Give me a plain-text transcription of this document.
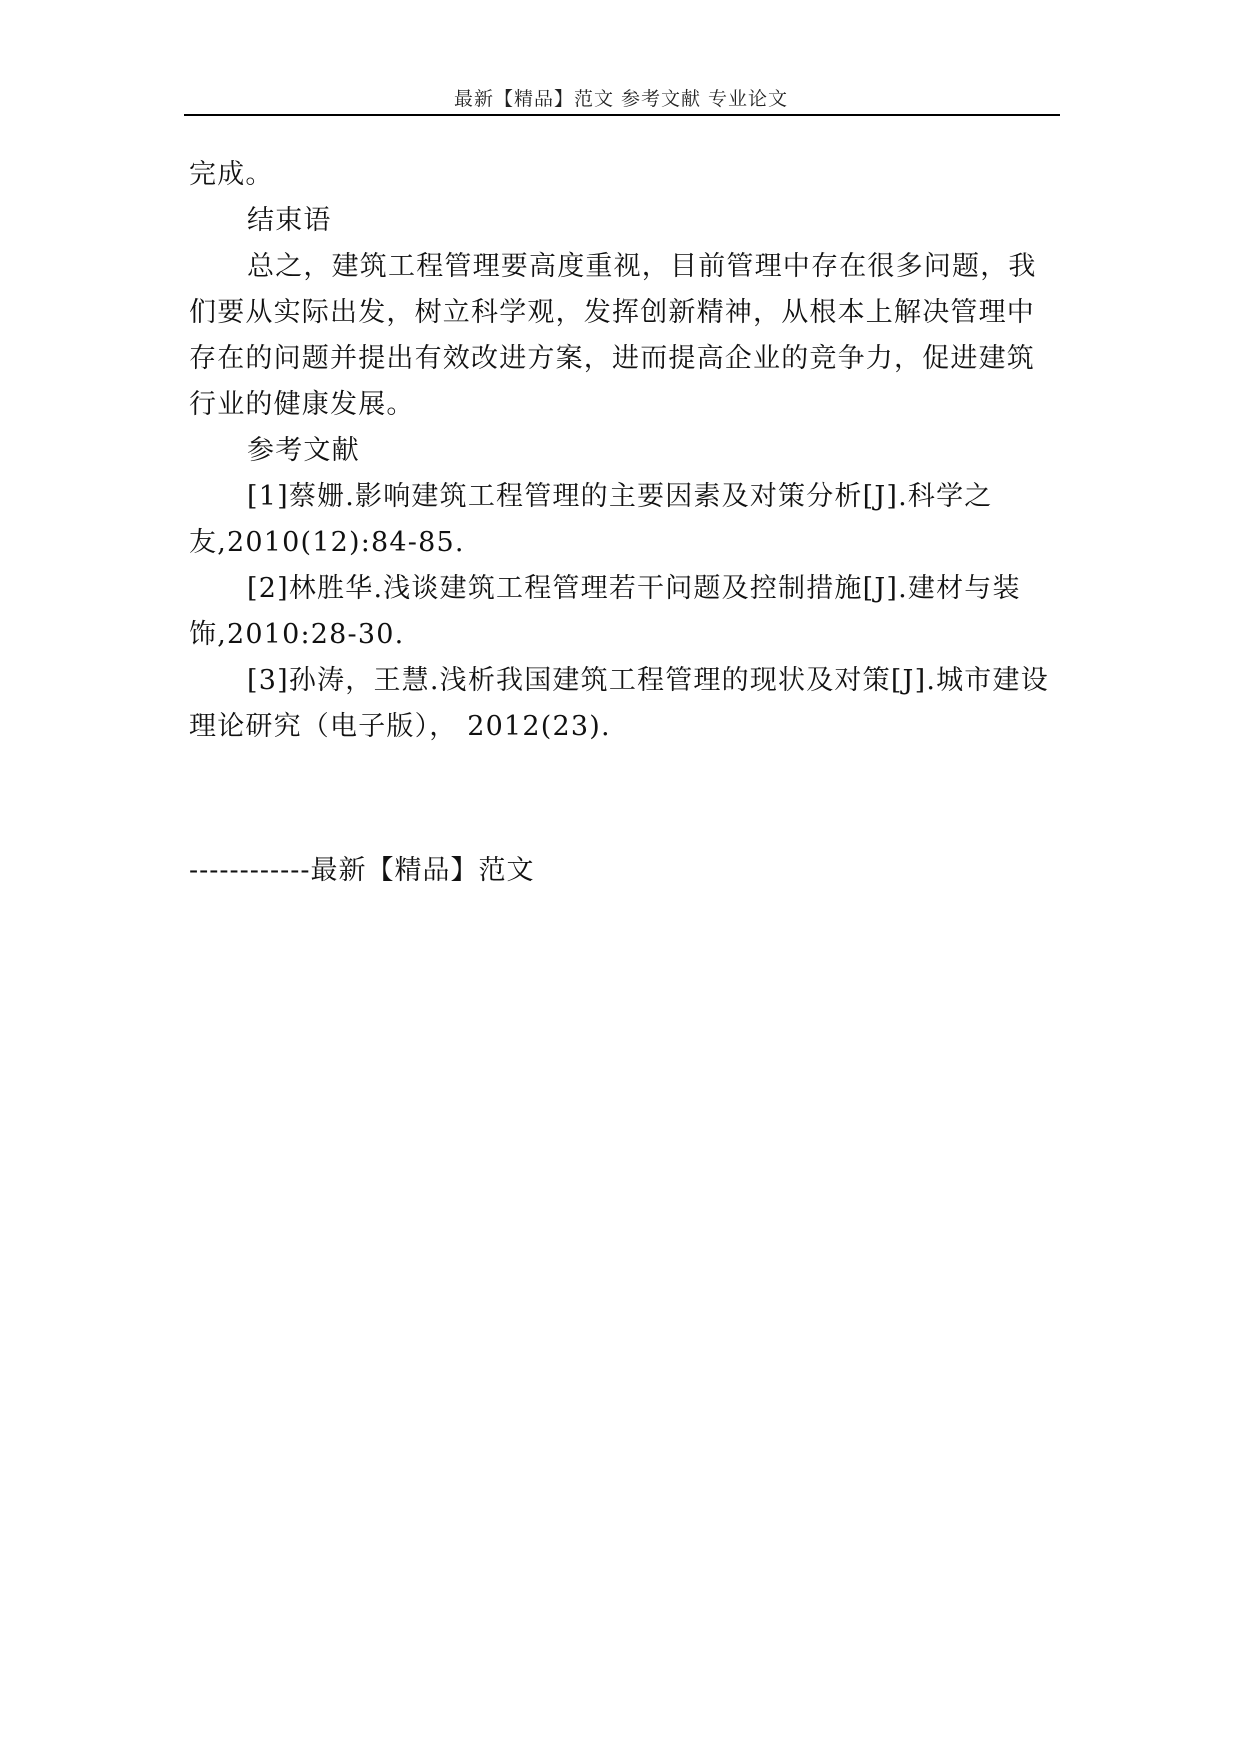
最新【精品】范文 参考文献 专业论文

完成。

结束语

总之，建筑工程管理要高度重视，目前管理中存在很多问题，我们要从实际出发，树立科学观，发挥创新精神，从根本上解决管理中存在的问题并提出有效改进方案，进而提高企业的竞争力，促进建筑行业的健康发展。

参考文献

[1]蔡姗.影响建筑工程管理的主要因素及对策分析[J].科学之友,2010(12):84-85.

[2]林胜华.浅谈建筑工程管理若干问题及控制措施[J].建材与装饰,2010:28-30.

[3]孙涛，王慧.浅析我国建筑工程管理的现状及对策[J].城市建设理论研究（电子版）， 2012(23).

------------最新【精品】范文
